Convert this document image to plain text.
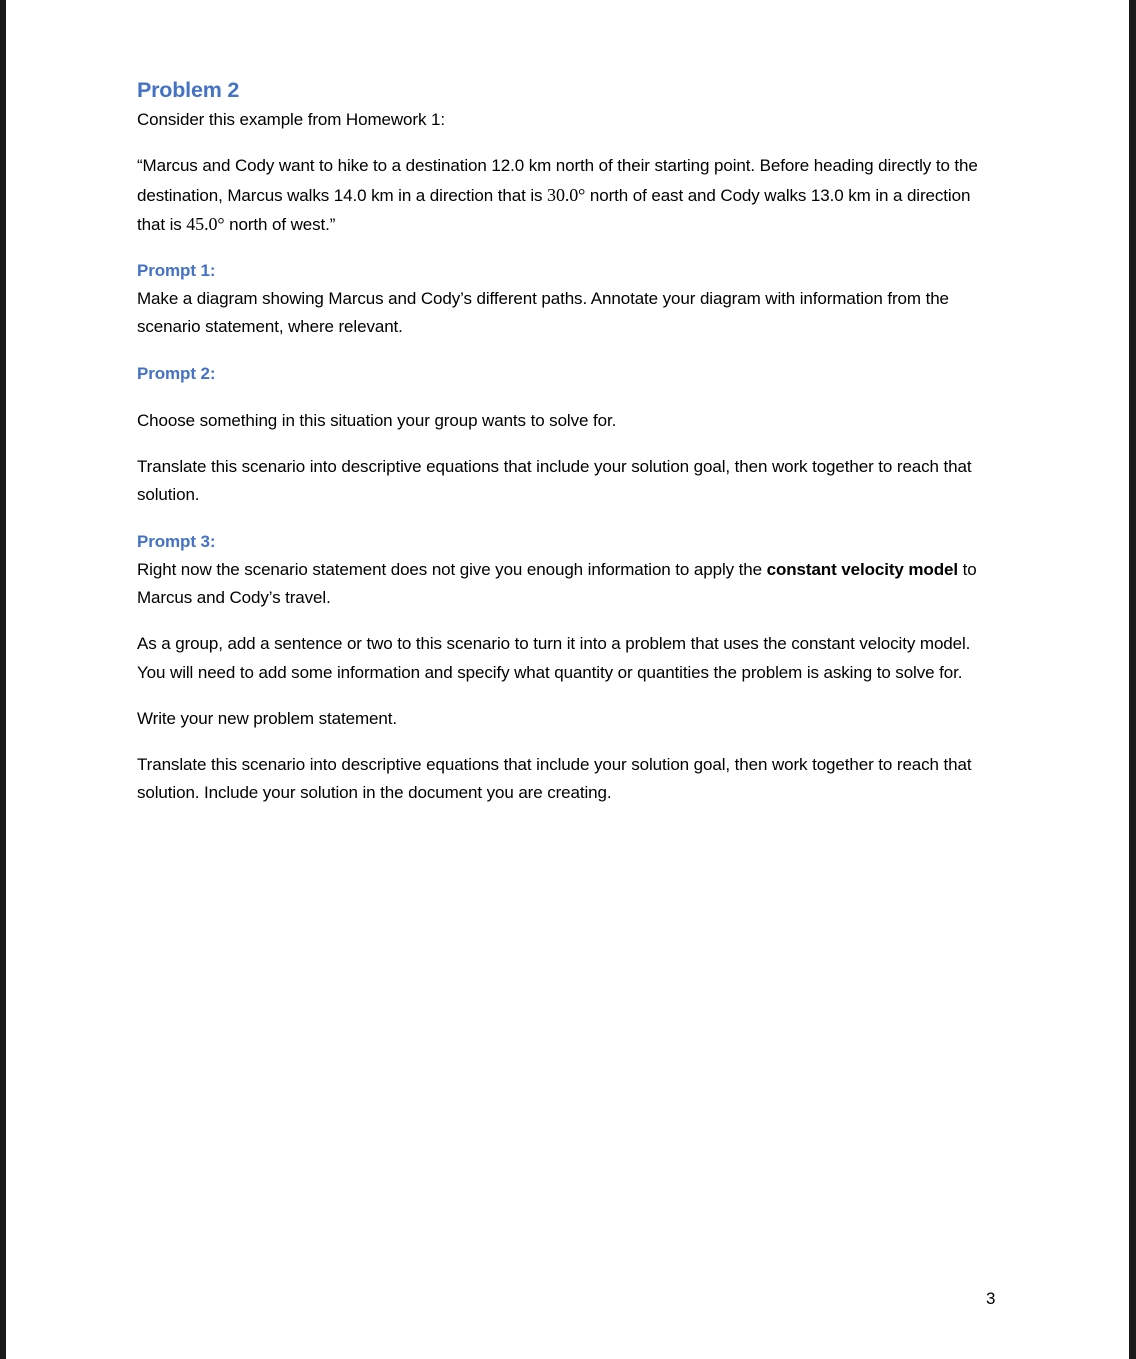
Problem 2

Consider this example from Homework 1:

“Marcus and Cody want to hike to a destination 12.0 km north of their starting point. Before heading directly to the destination, Marcus walks 14.0 km in a direction that is 30.0° north of east and Cody walks 13.0 km in a direction that is 45.0° north of west.”

Prompt 1:

Make a diagram showing Marcus and Cody’s different paths. Annotate your diagram with information from the scenario statement, where relevant.

Prompt 2:

Choose something in this situation your group wants to solve for.

Translate this scenario into descriptive equations that include your solution goal, then work together to reach that solution.

Prompt 3:

Right now the scenario statement does not give you enough information to apply the constant velocity model to Marcus and Cody’s travel.

As a group, add a sentence or two to this scenario to turn it into a problem that uses the constant velocity model. You will need to add some information and specify what quantity or quantities the problem is asking to solve for.

Write your new problem statement.

Translate this scenario into descriptive equations that include your solution goal, then work together to reach that solution. Include your solution in the document you are creating.

3
